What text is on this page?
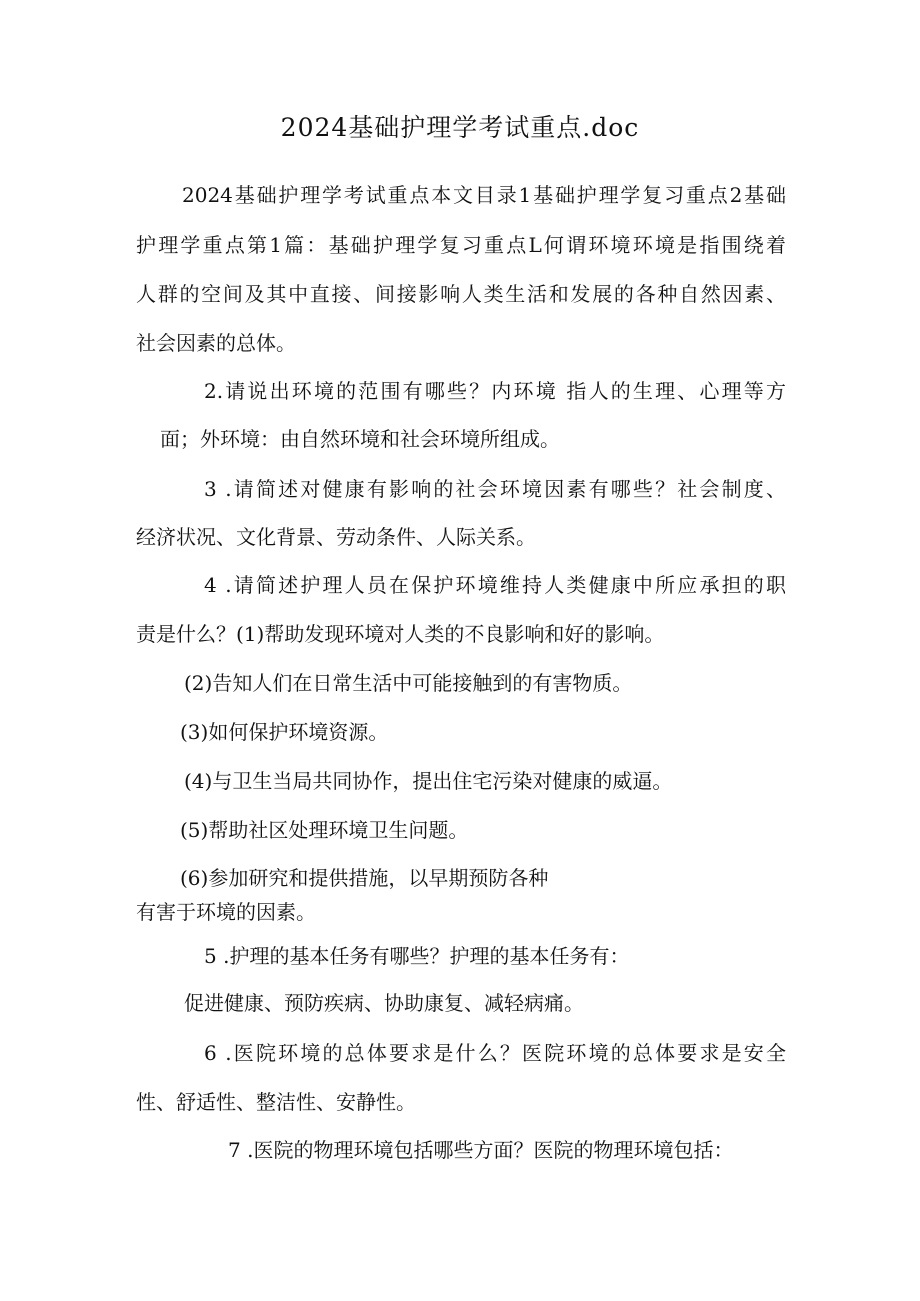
2024基础护理学考试重点.doc
2024基础护理学考试重点本文目录1基础护理学复习重点2基础
护理学重点第1篇：基础护理学复习重点L何谓环境环境是指围绕着
人群的空间及其中直接、间接影响人类生活和发展的各种自然因素、
社会因素的总体。
2.请说出环境的范围有哪些？内环境 指人的生理、心理等方
面；外环境：由自然环境和社会环境所组成。
3 .请简述对健康有影响的社会环境因素有哪些？社会制度、
经济状况、文化背景、劳动条件、人际关系。
4 .请简述护理人员在保护环境维持人类健康中所应承担的职
责是什么？(1)帮助发现环境对人类的不良影响和好的影响。
(2)告知人们在日常生活中可能接触到的有害物质。
(3)如何保护环境资源。
(4)与卫生当局共同协作，提出住宅污染对健康的威逼。
(5)帮助社区处理环境卫生问题。
(6)参加研究和提供措施，以早期预防各种
有害于环境的因素。
5 .护理的基本任务有哪些？护理的基本任务有：
促进健康、预防疾病、协助康复、减轻病痛。
6 .医院环境的总体要求是什么？医院环境的总体要求是安全
性、舒适性、整洁性、安静性。
7 .医院的物理环境包括哪些方面？医院的物理环境包括：
